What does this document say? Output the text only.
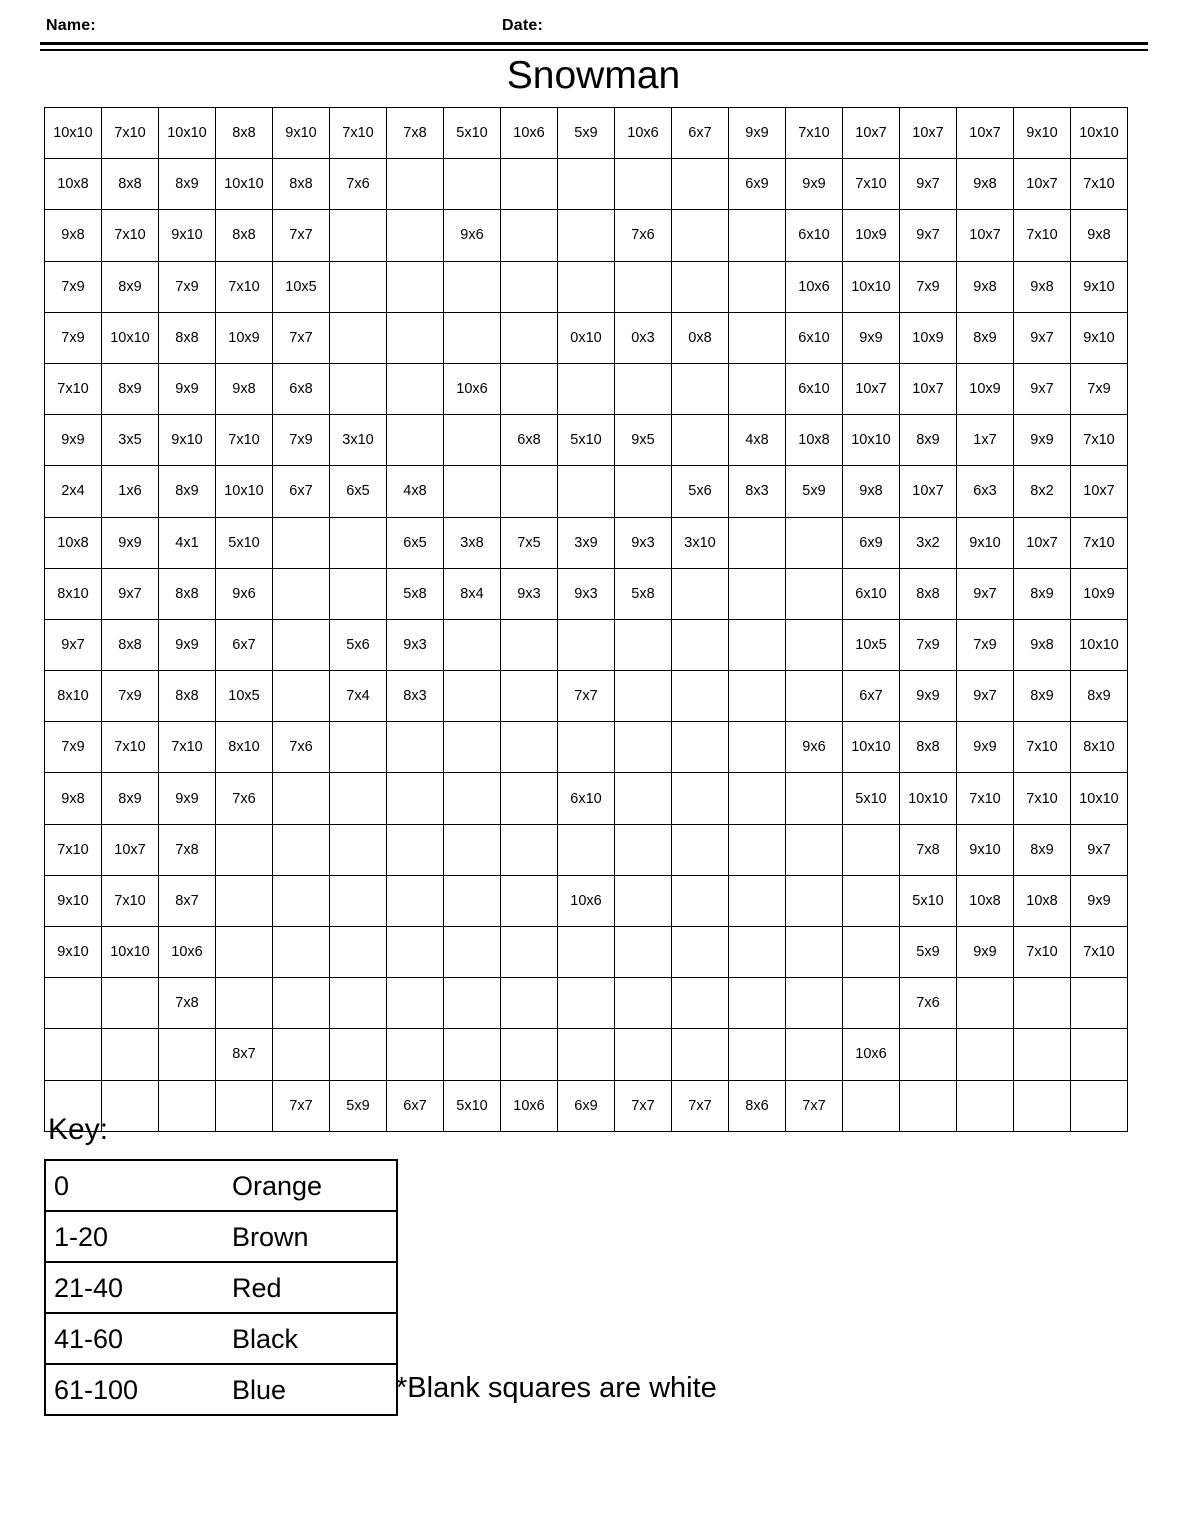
Name:	Date:
Snowman
10x10	7x10	10x10	8x8	9x10	7x10	7x8	5x10	10x6	5x9	10x6	6x7	9x9	7x10	10x7	10x7	10x7	9x10	10x10
10x8	8x8	8x9	10x10	8x8	7x6							6x9	9x9	7x10	9x7	9x8	10x7	7x10
9x8	7x10	9x10	8x8	7x7			9x6			7x6			6x10	10x9	9x7	10x7	7x10	9x8
7x9	8x9	7x9	7x10	10x5									10x6	10x10	7x9	9x8	9x8	9x10
7x9	10x10	8x8	10x9	7x7					0x10	0x3	0x8		6x10	9x9	10x9	8x9	9x7	9x10
7x10	8x9	9x9	9x8	6x8			10x6						6x10	10x7	10x7	10x9	9x7	7x9
9x9	3x5	9x10	7x10	7x9	3x10			6x8	5x10	9x5		4x8	10x8	10x10	8x9	1x7	9x9	7x10
2x4	1x6	8x9	10x10	6x7	6x5	4x8					5x6	8x3	5x9	9x8	10x7	6x3	8x2	10x7
10x8	9x9	4x1	5x10			6x5	3x8	7x5	3x9	9x3	3x10			6x9	3x2	9x10	10x7	7x10
8x10	9x7	8x8	9x6			5x8	8x4	9x3	9x3	5x8				6x10	8x8	9x7	8x9	10x9
9x7	8x8	9x9	6x7		5x6	9x3								10x5	7x9	7x9	9x8	10x10
8x10	7x9	8x8	10x5		7x4	8x3			7x7					6x7	9x9	9x7	8x9	8x9
7x9	7x10	7x10	8x10	7x6									9x6	10x10	8x8	9x9	7x10	8x10
9x8	8x9	9x9	7x6						6x10					5x10	10x10	7x10	7x10	10x10
7x10	10x7	7x8													7x8	9x10	8x9	9x7
9x10	7x10	8x7							10x6						5x10	10x8	10x8	9x9
9x10	10x10	10x6													5x9	9x9	7x10	7x10
		7x8													7x6			
			8x7											10x6				
				7x7	5x9	6x7	5x10	10x6	6x9	7x7	7x7	8x6	7x7					
Key:
0	Orange

1-20	Brown

21-40	Red

41-60	Black

61-100	Blue	*Blank squares are white
